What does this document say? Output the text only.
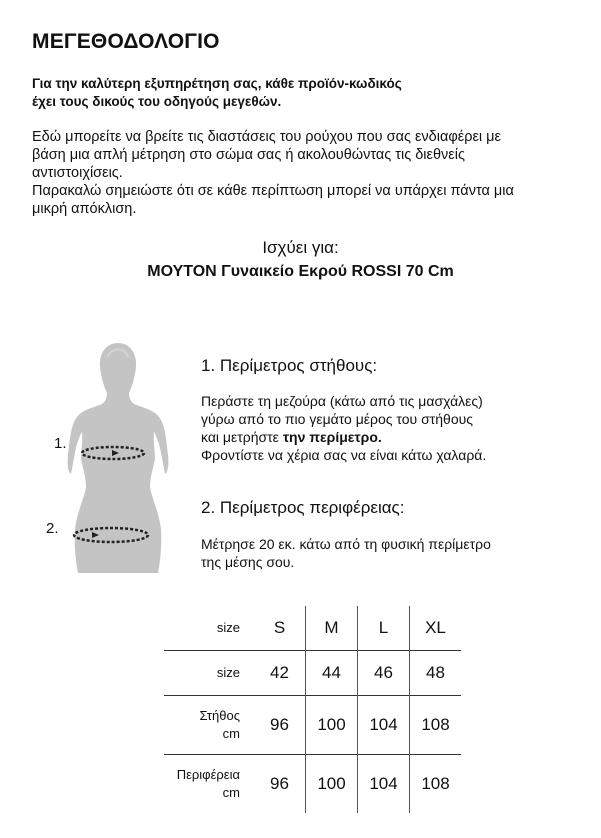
ΜΕΓΕΘΟΔΟΛΟΓΙΟ
Για την καλύτερη εξυπηρέτηση σας, κάθε προϊόν-κωδικός
έχει τους δικούς του οδηγούς μεγεθών.
Εδώ μπορείτε να βρείτε τις διαστάσεις του ρούχου που σας ενδιαφέρει με
βάση μια απλή μέτρηση στο σώμα σας ή ακολουθώντας τις διεθνείς
αντιστοιχίσεις.
Παρακαλώ σημειώστε ότι σε κάθε περίπτωση μπορεί να υπάρχει πάντα μια
μικρή απόκλιση.
Ισχύει για:
ΜΟΥΤΟΝ Γυναικείο Εκρού ROSSI 70 Cm
1.
2.
1. Περίμετρος στήθους:
Περάστε τη μεζούρα (κάτω από τις μασχάλες)
γύρω από το πιο γεμάτο μέρος του στήθους
και μετρήστε την περίμετρο.
Φροντίστε να χέρια σας να είναι κάτω χαλαρά.
2. Περίμετρος περιφέρειας:
Μέτρησε 20 εκ. κάτω από τη φυσική περίμετρο
της μέσης σου.
size	S	M	L	XL
size	42	44	46	48

Στήθος
cm	96	100	104	108

Περιφέρεια
cm	96	100	104	108
